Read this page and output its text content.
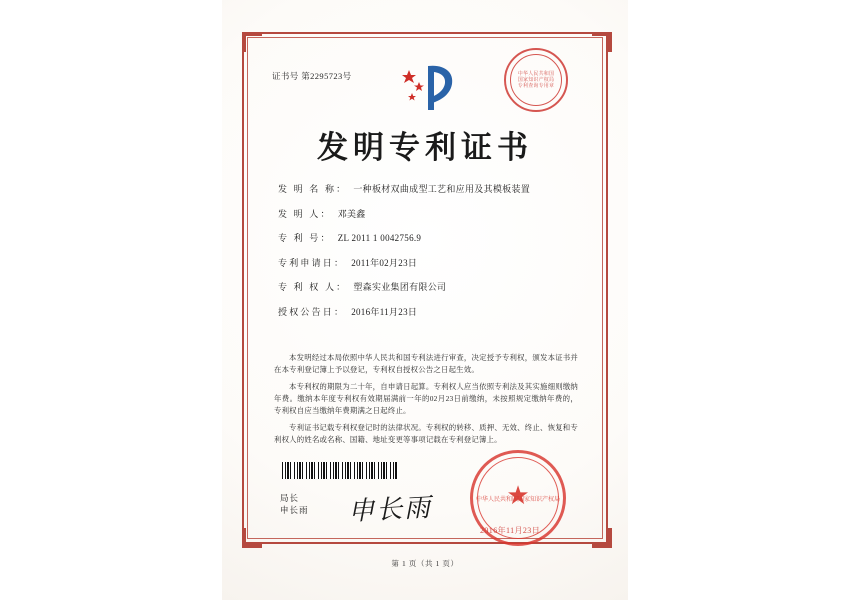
证书号 第2295723号	中华人民共和国国家知识产权局专利查询专用章
发明专利证书
发 明 名 称： 一种板材双曲成型工艺和应用及其模板装置
发 明 人： 邓美鑫
专 利 号： ZL 2011 1 0042756.9
专利申请日： 2011年02月23日
专 利 权 人： 塑森实业集团有限公司
授权公告日： 2016年11月23日

本发明经过本局依照中华人民共和国专利法进行审查，决定授予专利权，颁发本证书并在本专利登记簿上予以登记，专利权自授权公告之日起生效。

本专利权的期限为二十年，自申请日起算。专利权人应当依照专利法及其实施细则缴纳年费。缴纳本年度专利权有效期届满前一年的02月23日前缴纳，未按照规定缴纳年费的，专利权自应当缴纳年费期满之日起终止。

专利证书记载专利权登记时的法律状况。专利权的转移、质押、无效、终止、恢复和专利权人的姓名或名称、国籍、地址变更等事项记载在专利登记簿上。

局长
申长雨 申长雨	中华人民共和国国家知识产权局
★
2016年11月23日
第 1 页（共 1 页）
